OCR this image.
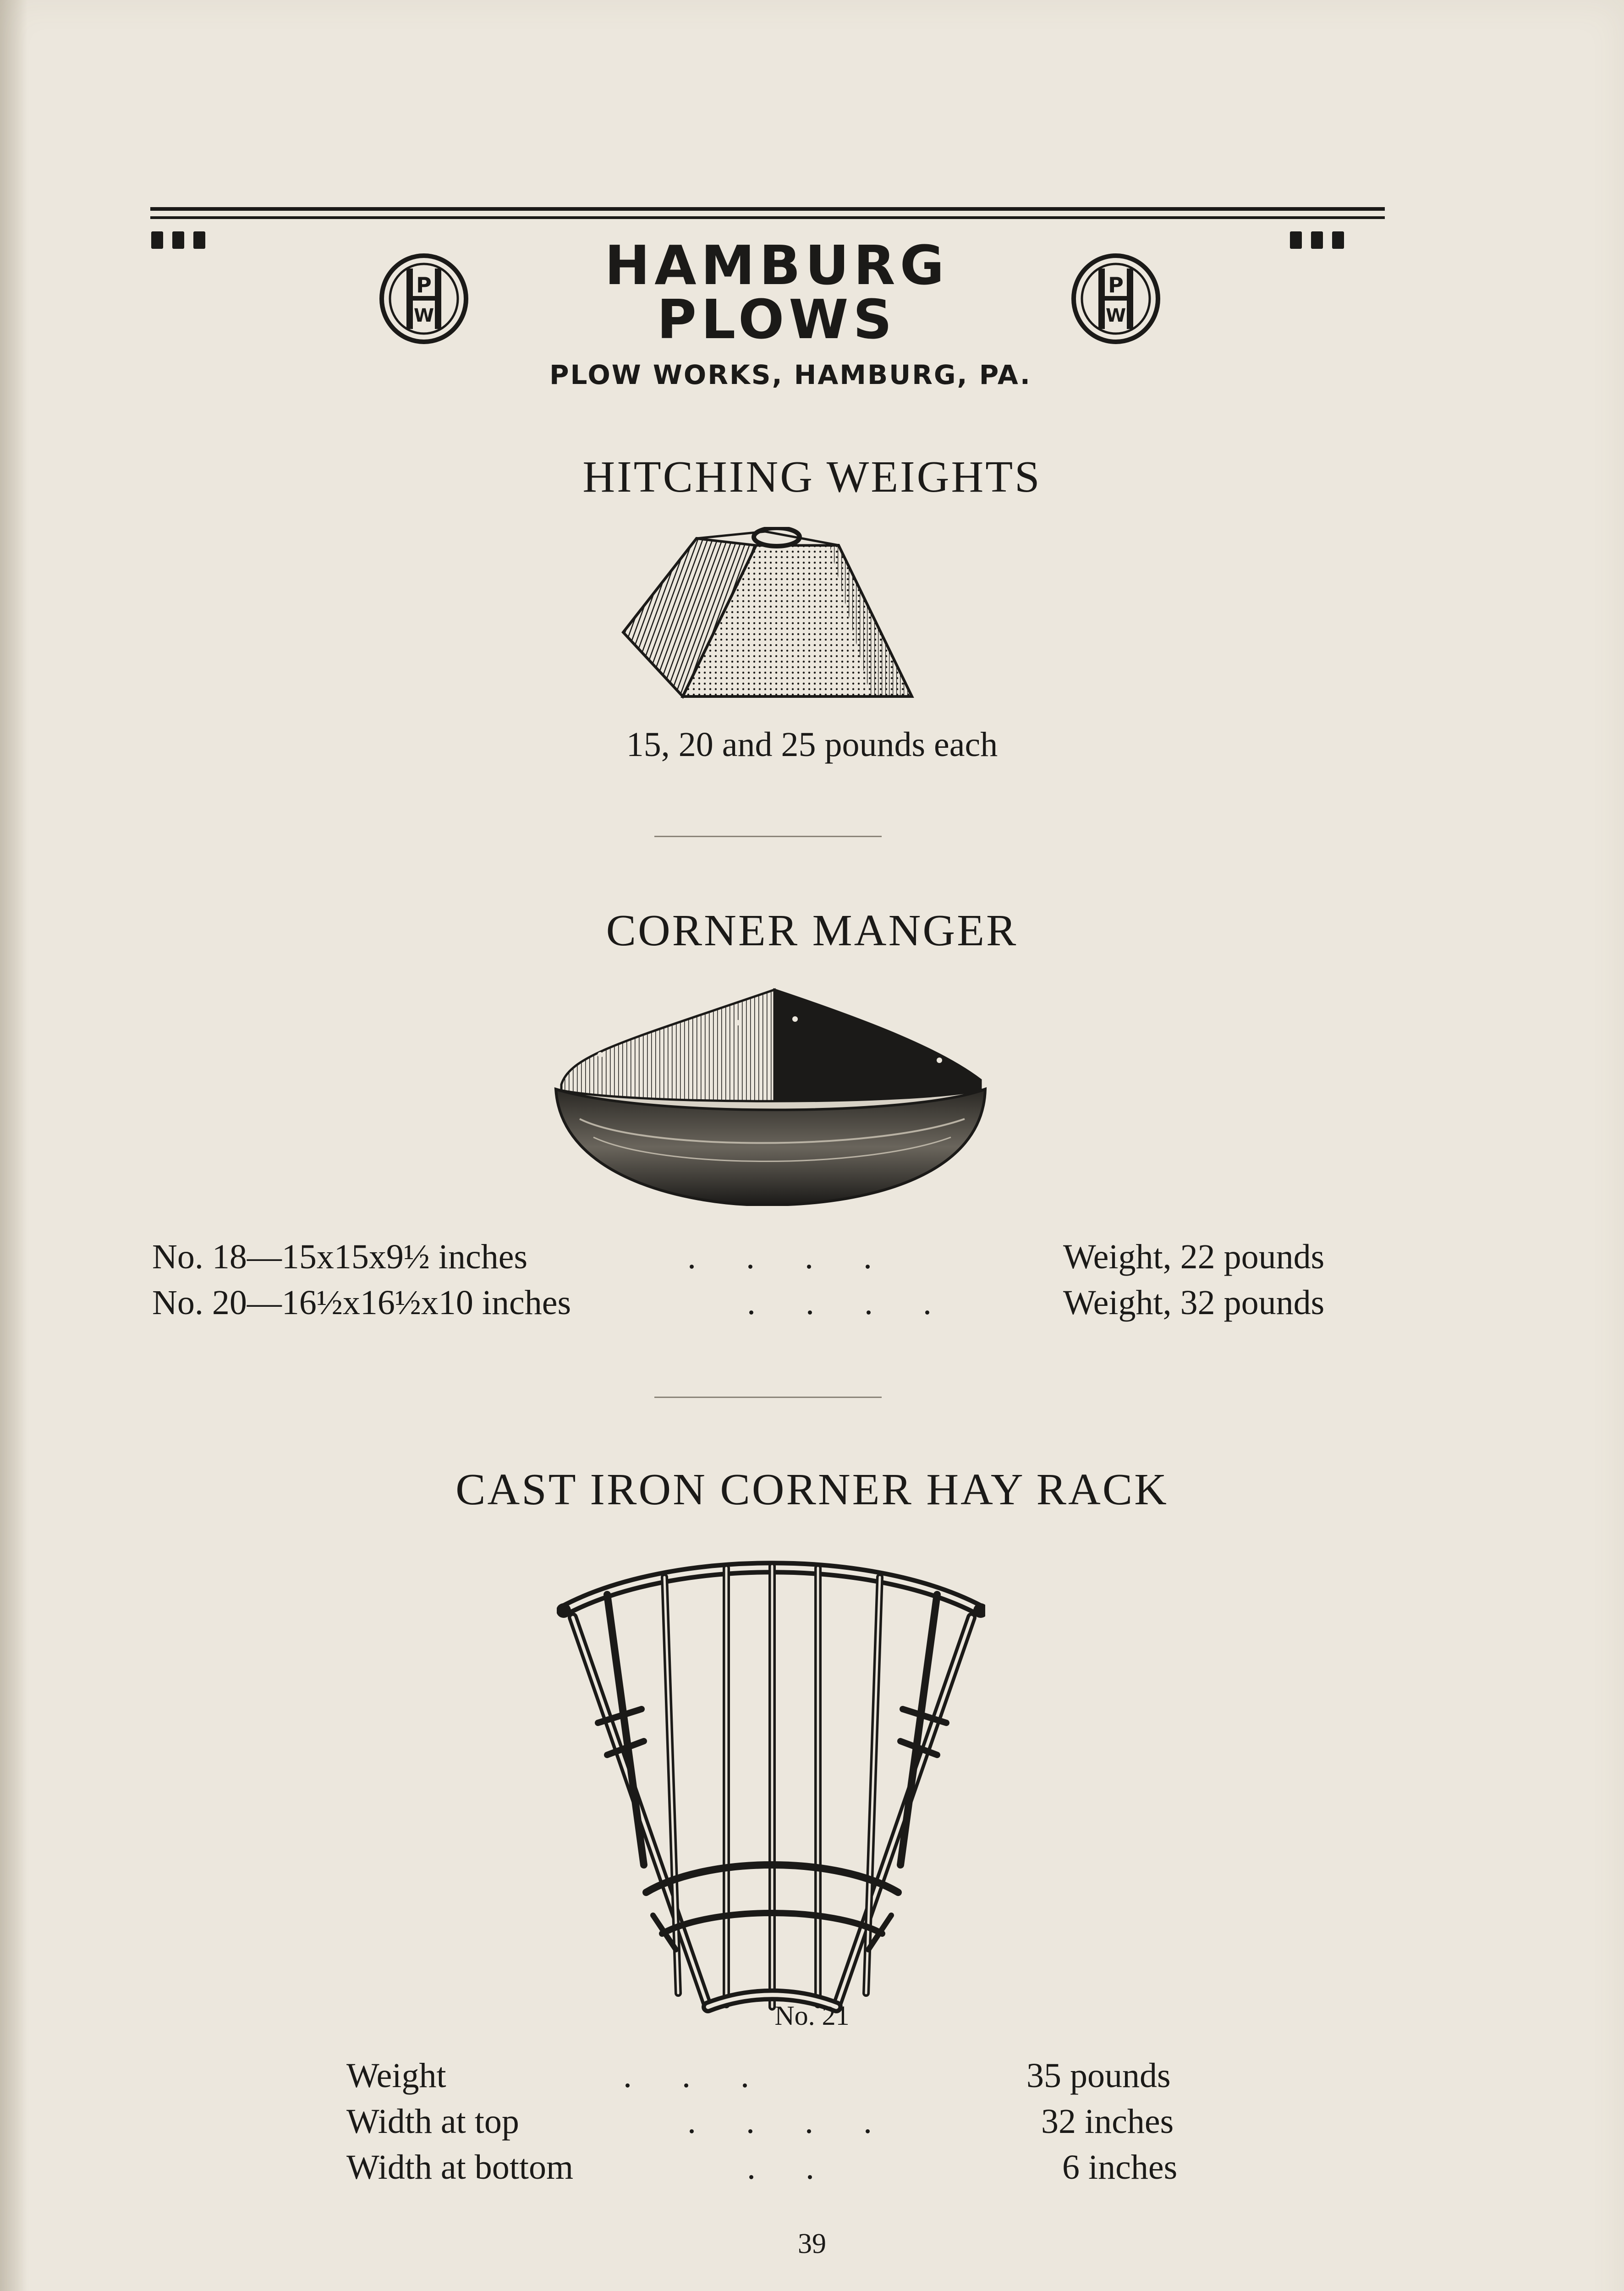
P
W
P
W
HAMBURG PLOWS
PLOW WORKS, HAMBURG, PA.
HITCHING WEIGHTS
15, 20 and 25 pounds each
CORNER MANGER
No. 18—15x15x9½ inches	. . . .	Weight, 22 pounds
No. 20—16½x16½x10 inches	. . . .	Weight, 32 pounds
CAST IRON CORNER HAY RACK
No. 21
Weight	. . .	35 pounds
Width at top	. . . .	32 inches
Width at bottom	. .	6 inches
39
